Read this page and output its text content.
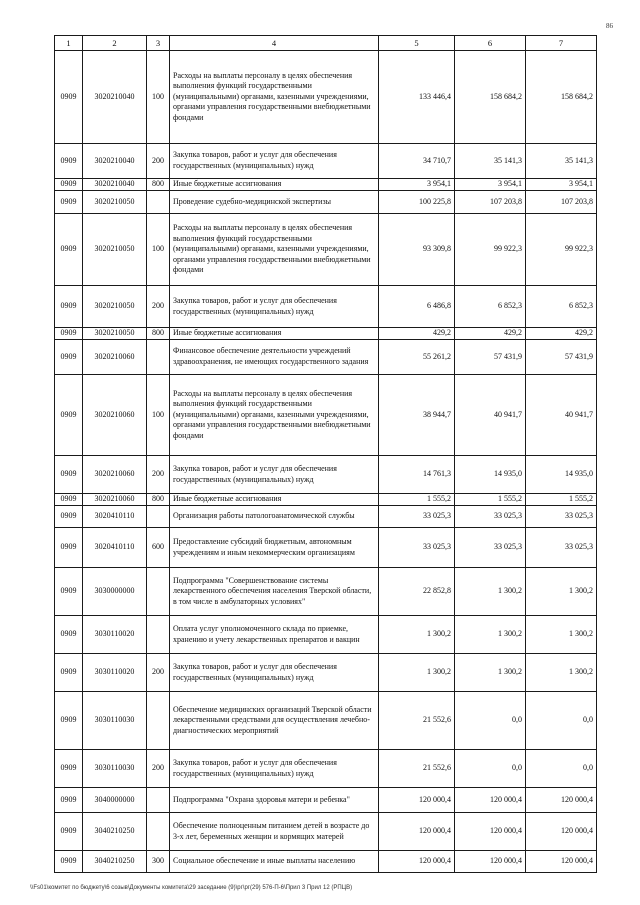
86
1	2	3	4	5	6	7
0909	3020210040	100	Расходы на выплаты персоналу в целях обеспечения выполнения функций государственными (муниципальными) органами, казенными учреждениями, органами управления государственными внебюджетными фондами	133 446,4	158 684,2	158 684,2
0909	3020210040	200	Закупка товаров, работ и услуг для обеспечения государственных (муниципальных) нужд	34 710,7	35 141,3	35 141,3
0909	3020210040	800	Иные бюджетные ассигнования	3 954,1	3 954,1	3 954,1
0909	3020210050		Проведение судебно-медицинской экспертизы	100 225,8	107 203,8	107 203,8
0909	3020210050	100	Расходы на выплаты персоналу в целях обеспечения выполнения функций государственными (муниципальными) органами, казенными учреждениями, органами управления государственными внебюджетными фондами	93 309,8	99 922,3	99 922,3
0909	3020210050	200	Закупка товаров, работ и услуг для обеспечения государственных (муниципальных) нужд	6 486,8	6 852,3	6 852,3
0909	3020210050	800	Иные бюджетные ассигнования	429,2	429,2	429,2
0909	3020210060		Финансовое обеспечение деятельности учреждений здравоохранения, не имеющих государственного задания	55 261,2	57 431,9	57 431,9
0909	3020210060	100	Расходы на выплаты персоналу в целях обеспечения выполнения функций государственными (муниципальными) органами, казенными учреждениями, органами управления государственными внебюджетными фондами	38 944,7	40 941,7	40 941,7
0909	3020210060	200	Закупка товаров, работ и услуг для обеспечения государственных (муниципальных) нужд	14 761,3	14 935,0	14 935,0
0909	3020210060	800	Иные бюджетные ассигнования	1 555,2	1 555,2	1 555,2
0909	3020410110		Организация работы патологоанатомической службы	33 025,3	33 025,3	33 025,3
0909	3020410110	600	Предоставление субсидий бюджетным, автономным учреждениям и иным некоммерческим организациям	33 025,3	33 025,3	33 025,3
0909	3030000000		Подпрограмма "Совершенствование системы лекарственного обеспечения населения Тверской области, в том числе в амбулаторных условиях"	22 852,8	1 300,2	1 300,2
0909	3030110020		Оплата услуг уполномоченного склада по приемке, хранению и учету лекарственных препаратов и вакцин	1 300,2	1 300,2	1 300,2
0909	3030110020	200	Закупка товаров, работ и услуг для обеспечения государственных (муниципальных) нужд	1 300,2	1 300,2	1 300,2
0909	3030110030		Обеспечение медицинских организаций Тверской области лекарственными средствами для осуществления лечебно-диагностических мероприятий	21 552,6	0,0	0,0
0909	3030110030	200	Закупка товаров, работ и услуг для обеспечения государственных (муниципальных) нужд	21 552,6	0,0	0,0
0909	3040000000		Подпрограмма "Охрана здоровья матери и ребенка"	120 000,4	120 000,4	120 000,4
0909	3040210250		Обеспечение полноценным питанием детей в возрасте до 3-х лет, беременных женщин и кормящих матерей	120 000,4	120 000,4	120 000,4
0909	3040210250	300	Социальное обеспечение и иные выплаты населению	120 000,4	120 000,4	120 000,4
\\Fs01\комитет по бюджету\6 созыв\Документы комитета\29 заседание (9)\рг\рг(29) 576-П-6\Прил 3 Прил 12 (РПЦВ)
